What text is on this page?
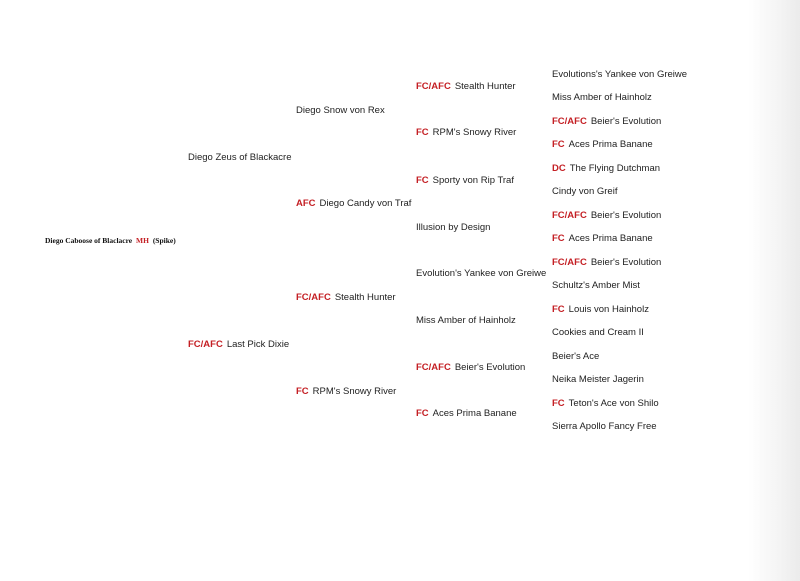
Diego Caboose of Blaclacre MH (Spike)
Diego Zeus of Blackacre
FC/AFC Last Pick Dixie
Diego Snow von Rex
AFC Diego Candy von Traf
FC/AFC Stealth Hunter
FC RPM's Snowy River
FC/AFC Stealth Hunter
FC RPM's Snowy River
FC Sporty von Rip Traf
Illusion by Design
Evolution's Yankee von Greiwe
Miss Amber of Hainholz
FC/AFC Beier's Evolution
FC Aces Prima Banane
Evolutions's Yankee von Greiwe
Miss Amber of Hainholz
FC/AFC Beier's Evolution
FC Aces Prima Banane
DC The Flying Dutchman
Cindy von Greif
FC/AFC Beier's Evolution
FC Aces Prima Banane
FC/AFC Beier's Evolution
Schultz's Amber Mist
FC Louis von Hainholz
Cookies and Cream II
Beier's Ace
Neika Meister Jagerin
FC Teton's Ace von Shilo
Sierra Apollo Fancy Free
